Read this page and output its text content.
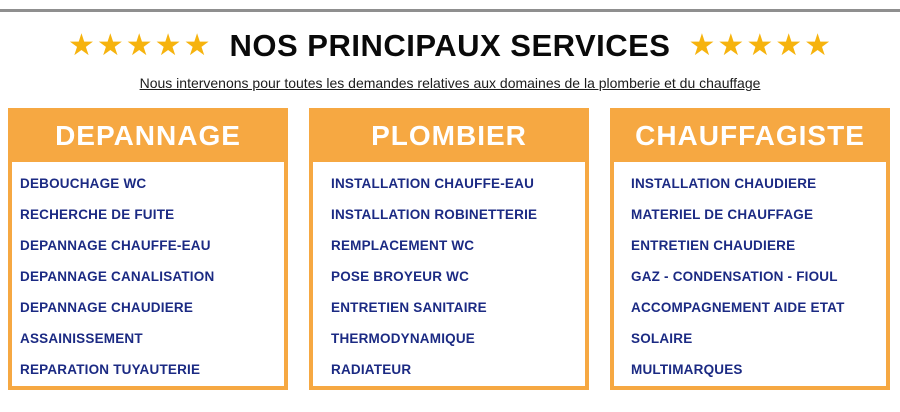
★ ★ ★ ★ ★ NOS PRINCIPAUX SERVICES ★ ★ ★ ★ ★
Nous intervenons pour toutes les demandes relatives aux domaines de la plomberie et du chauffage
DEPANNAGE
DEBOUCHAGE WC
RECHERCHE DE FUITE
DEPANNAGE CHAUFFE-EAU
DEPANNAGE CANALISATION
DEPANNAGE CHAUDIERE
ASSAINISSEMENT
REPARATION TUYAUTERIE
PLOMBIER
INSTALLATION CHAUFFE-EAU
INSTALLATION ROBINETTERIE
REMPLACEMENT WC
POSE BROYEUR WC
ENTRETIEN SANITAIRE
THERMODYNAMIQUE
RADIATEUR
CHAUFFAGISTE
INSTALLATION CHAUDIERE
MATERIEL DE CHAUFFAGE
ENTRETIEN CHAUDIERE
GAZ - CONDENSATION - FIOUL
ACCOMPAGNEMENT AIDE ETAT
SOLAIRE
MULTIMARQUES
